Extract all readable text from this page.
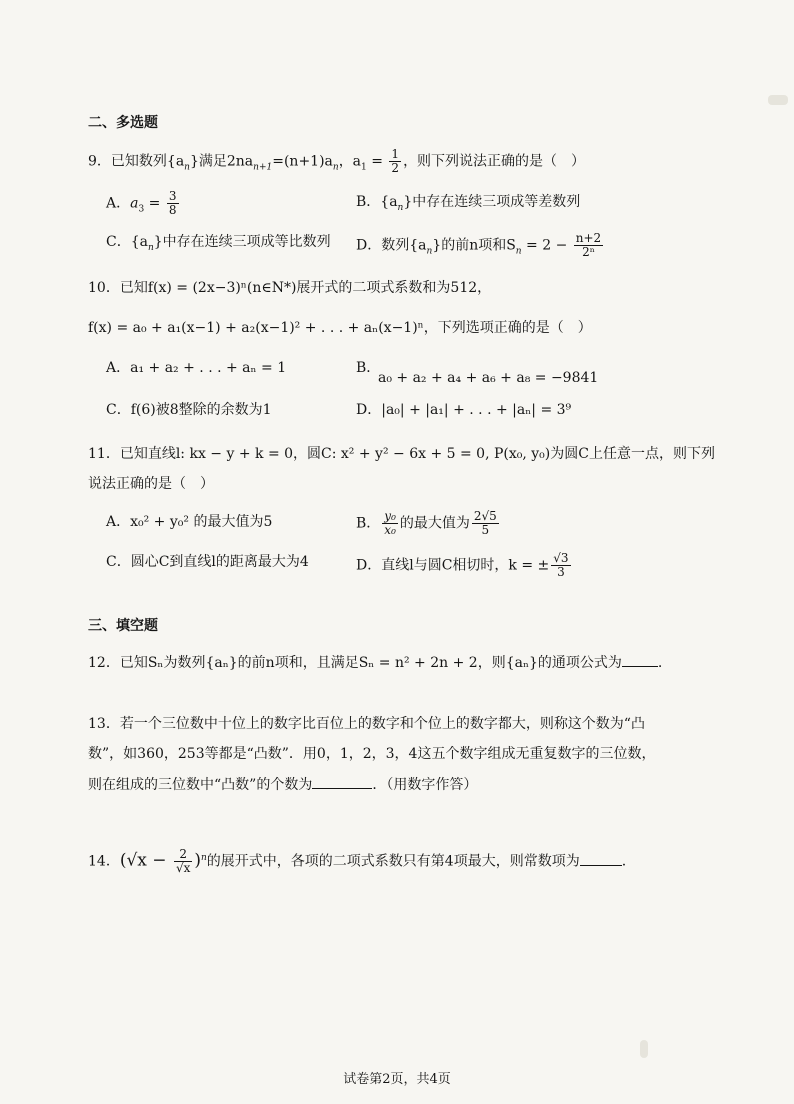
二、多选题
9．已知数列$\{a_n\}$满足$2na_{n+1}=(n+1)a_n$，$a_1 = \frac{1}{2}$ ，则下列说法正确的是（　）
A．$a_3 = \frac{3}{8}$	B．$\{a_n\}$中存在连续三项成等差数列
C．$\{a_n\}$中存在连续三项成等比数列 D．数列$\{a_n\}$的前n项和$S_n = 2 - \frac{n+2}{\text{2ⁿ}}$
10．已知f(x) = (2x−3)ⁿ(n∈N*)展开式的二项式系数和为512，
f(x) = a₀ + a₁(x−1) + a₂(x−1)² + . . . + aₙ(x−1)ⁿ，下列选项正确的是（　）
A．a₁ + a₂ + . . . + aₙ = 1	B．
a₀ + a₂ + a₄ + a₆ + a₈ = −9841
C．f(6)被8整除的余数为1	D．|a₀| + |a₁| + . . . + |aₙ| = 3⁹
11．已知直线l: kx − y + k = 0，圆C: x² + y² − 6x + 5 = 0, P(x₀, y₀)为圆C上任意一点，则下列
说法正确的是（　）
A．x₀² + y₀² 的最大值为5	B． $\frac{\text{y₀}}{\text{x₀}}$ 的最大值为 $\frac{2√5}{5}$
C．圆心C到直线l的距离最大为4	D．直线l与圆C相切时，k = ± $\frac{√3}{3}$
三、填空题
12．已知Sₙ为数列{aₙ}的前n项和，且满足Sₙ = n² + 2n + 2，则{aₙ}的通项公式为	.
13．若一个三位数中十位上的数字比百位上的数字和个位上的数字都大，则称这个数为“凸
数”，如360，253等都是“凸数”．用0，1，2，3，4这五个数字组成无重复数字的三位数，
则在组成的三位数中“凸数”的个数为	．（用数字作答）
14．$(√x - \frac{2}{√x} )^n$的展开式中，各项的二项式系数只有第4项最大，则常数项为	.
试卷第2页，共4页
